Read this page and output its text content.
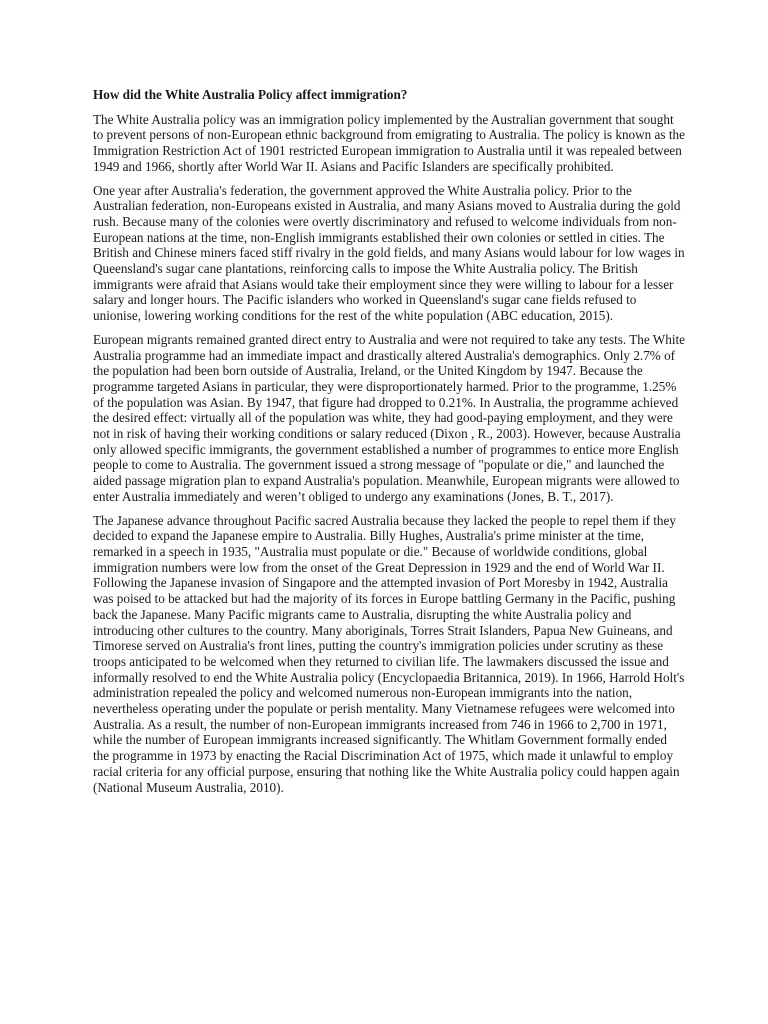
How did the White Australia Policy affect immigration?

The White Australia policy was an immigration policy implemented by the Australian government that sought to prevent persons of non-European ethnic background from emigrating to Australia. The policy is known as the Immigration Restriction Act of 1901 restricted European immigration to Australia until it was repealed between 1949 and 1966, shortly after World War II. Asians and Pacific Islanders are specifically prohibited.

One year after Australia's federation, the government approved the White Australia policy. Prior to the Australian federation, non-Europeans existed in Australia, and many Asians moved to Australia during the gold rush. Because many of the colonies were overtly discriminatory and refused to welcome individuals from non-European nations at the time, non-English immigrants established their own colonies or settled in cities. The British and Chinese miners faced stiff rivalry in the gold fields, and many Asians would labour for low wages in Queensland's sugar cane plantations, reinforcing calls to impose the White Australia policy. The British immigrants were afraid that Asians would take their employment since they were willing to labour for a lesser salary and longer hours. The Pacific islanders who worked in Queensland's sugar cane fields refused to unionise, lowering working conditions for the rest of the white population (ABC education, 2015).

European migrants remained granted direct entry to Australia and were not required to take any tests. The White Australia programme had an immediate impact and drastically altered Australia's demographics. Only 2.7% of the population had been born outside of Australia, Ireland, or the United Kingdom by 1947. Because the programme targeted Asians in particular, they were disproportionately harmed. Prior to the programme, 1.25% of the population was Asian. By 1947, that figure had dropped to 0.21%. In Australia, the programme achieved the desired effect: virtually all of the population was white, they had good-paying employment, and they were not in risk of having their working conditions or salary reduced (Dixon , R., 2003). However, because Australia only allowed specific immigrants, the government established a number of programmes to entice more English people to come to Australia. The government issued a strong message of "populate or die," and launched the aided passage migration plan to expand Australia's population. Meanwhile, European migrants were allowed to enter Australia immediately and weren’t obliged to undergo any examinations (Jones, B. T., 2017).

The Japanese advance throughout Pacific sacred Australia because they lacked the people to repel them if they decided to expand the Japanese empire to Australia. Billy Hughes, Australia's prime minister at the time, remarked in a speech in 1935, "Australia must populate or die." Because of worldwide conditions, global immigration numbers were low from the onset of the Great Depression in 1929 and the end of World War II. Following the Japanese invasion of Singapore and the attempted invasion of Port Moresby in 1942, Australia was poised to be attacked but had the majority of its forces in Europe battling Germany in the Pacific, pushing back the Japanese. Many Pacific migrants came to Australia, disrupting the white Australia policy and introducing other cultures to the country. Many aboriginals, Torres Strait Islanders, Papua New Guineans, and Timorese served on Australia's front lines, putting the country's immigration policies under scrutiny as these troops anticipated to be welcomed when they returned to civilian life. The lawmakers discussed the issue and informally resolved to end the White Australia policy (Encyclopaedia Britannica, 2019). In 1966, Harrold Holt's administration repealed the policy and welcomed numerous non-European immigrants into the nation, nevertheless operating under the populate or perish mentality. Many Vietnamese refugees were welcomed into Australia. As a result, the number of non-European immigrants increased from 746 in 1966 to 2,700 in 1971, while the number of European immigrants increased significantly. The Whitlam Government formally ended the programme in 1973 by enacting the Racial Discrimination Act of 1975, which made it unlawful to employ racial criteria for any official purpose, ensuring that nothing like the White Australia policy could happen again (National Museum Australia, 2010).
